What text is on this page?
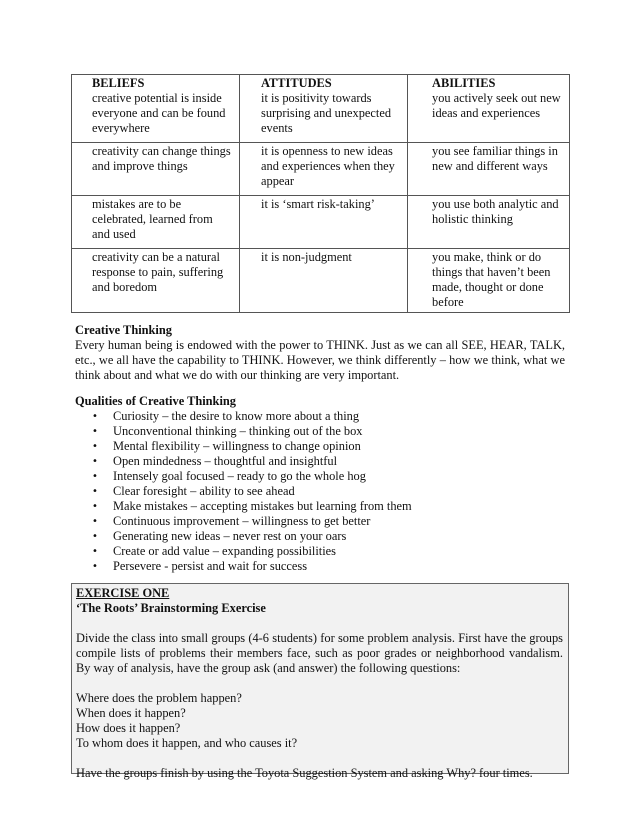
BELIEFS	ATTITUDES	ABILITIES
creative potential is inside everyone and can be found everywhere	it is positivity towards surprising and unexpected events	you actively seek out new ideas and experiences
creativity can change things and improve things	it is openness to new ideas and experiences when they appear	you see familiar things in new and different ways
mistakes are to be celebrated, learned from and used	it is ‘smart risk-taking’	you use both analytic and holistic thinking
creativity can be a natural response to pain, suffering and boredom	it is non-judgment	you make, think or do things that haven’t been made, thought or done before
Creative Thinking
Every human being is endowed with the power to THINK. Just as we can all SEE, HEAR, TALK, etc., we all have the capability to THINK. However, we think differently – how we think, what we think about and what we do with our thinking are very important.
Qualities of Creative Thinking
• Curiosity – the desire to know more about a thing
• Unconventional thinking – thinking out of the box
• Mental flexibility – willingness to change opinion
• Open mindedness – thoughtful and insightful
• Intensely goal focused – ready to go the whole hog
• Clear foresight – ability to see ahead
• Make mistakes – accepting mistakes but learning from them
• Continuous improvement – willingness to get better
• Generating new ideas – never rest on your oars
• Create or add value – expanding possibilities
• Persevere - persist and wait for success
EXERCISE ONE
‘The Roots’ Brainstorming Exercise
Divide the class into small groups (4-6 students) for some problem analysis. First have the groups compile lists of problems their members face, such as poor grades or neighborhood vandalism. By way of analysis, have the group ask (and answer) the following questions:
Where does the problem happen?
When does it happen?
How does it happen?
To whom does it happen, and who causes it?
Have the groups finish by using the Toyota Suggestion System and asking Why? four times.
